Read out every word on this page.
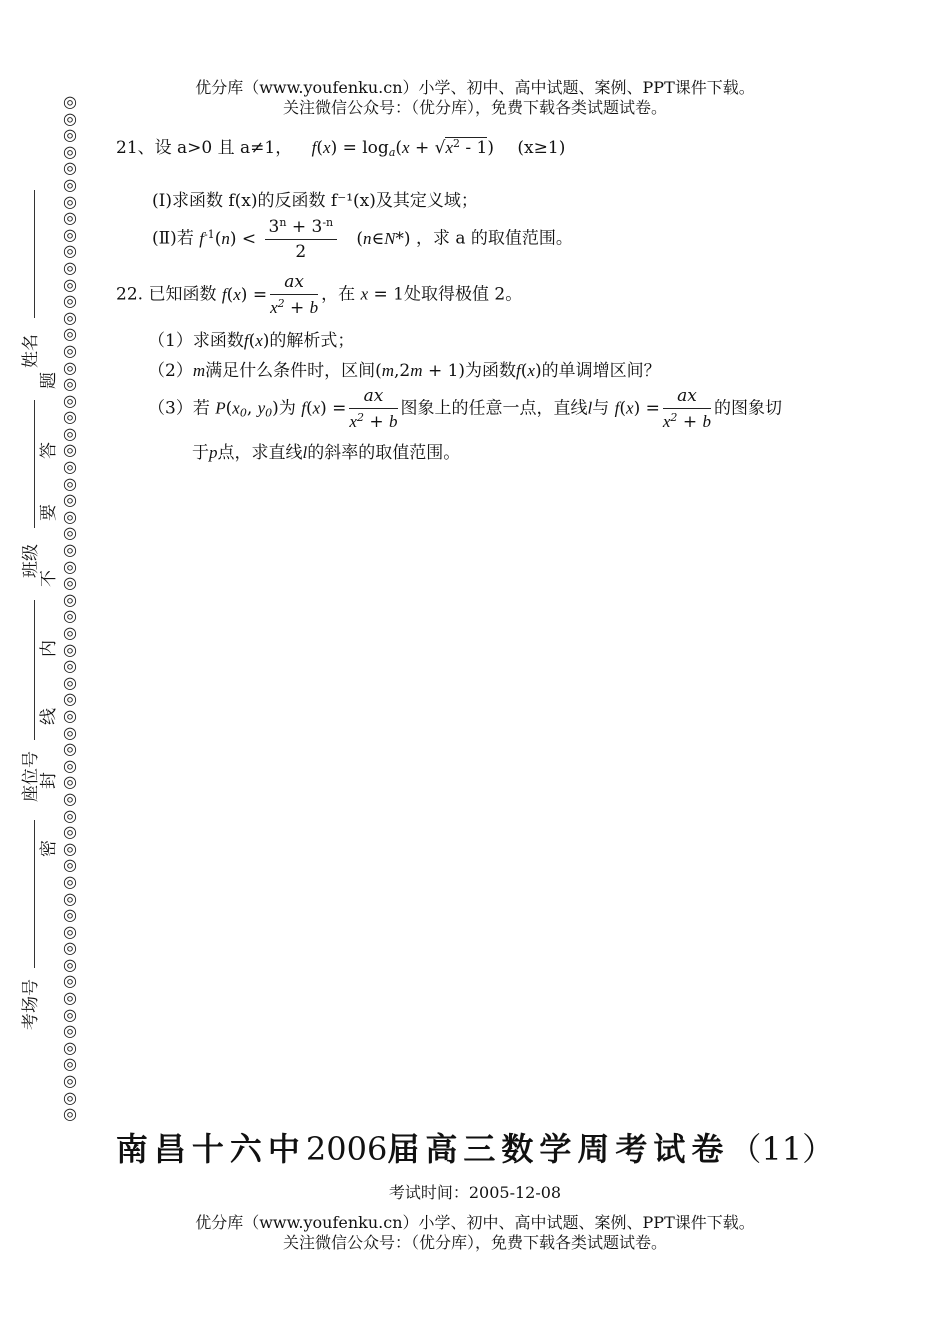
优分库（www.youfenku.cn）小学、初中、高中试题、案例、PPT课件下载。
关注微信公众号：（优分库），免费下载各类试题试卷。
21、设 a>0 且 a≠1， $f(x) = \log_a(x + √x^2 - 1)$ (x≥1)
(Ⅰ)求函数 f(x)的反函数 f⁻¹(x)及其定义域；
(Ⅱ)若 $f^{-1}(n) < \frac{3^n + 3^{-n}}{2}$ (n∈N*) ，求 a 的取值范围。
22. 已知函数 $f(x) = \frac{ax}{x^2 + b}$ ，在 x = 1处取得极值 2。
（1）求函数f(x)的解析式；
（2）m满足什么条件时，区间(m,2m + 1)为函数f(x)的单调增区间？
（3）若 $P(x_0$, $y_0$)为 $f(x) = \frac{ax}{x^2 + b}$ 图象上的任意一点，直线l与 $f(x) = \frac{ax}{x^2 + b}$ 的图象切
于p点，求直线l的斜率的取值范围。
◎
◎
◎
◎
◎
◎
◎
◎
◎
◎
◎
◎
◎
◎
◎
◎
◎
◎
◎
◎
◎
◎
◎
◎
◎
◎
◎
◎
◎
◎
◎
◎
◎
◎
◎
◎
◎
◎
◎
◎
◎
◎
◎
◎
◎
◎
◎
◎
◎
◎
◎
◎
◎
◎
◎
◎
◎
◎
◎
◎
◎
◎
姓名
班级
座位号
考场号
题
答
要
不
内
线
封
密
南昌十六中2006届高三数学周考试卷（11）
考试时间：2005-12-08
优分库（www.youfenku.cn）小学、初中、高中试题、案例、PPT课件下载。
关注微信公众号：（优分库），免费下载各类试题试卷。
